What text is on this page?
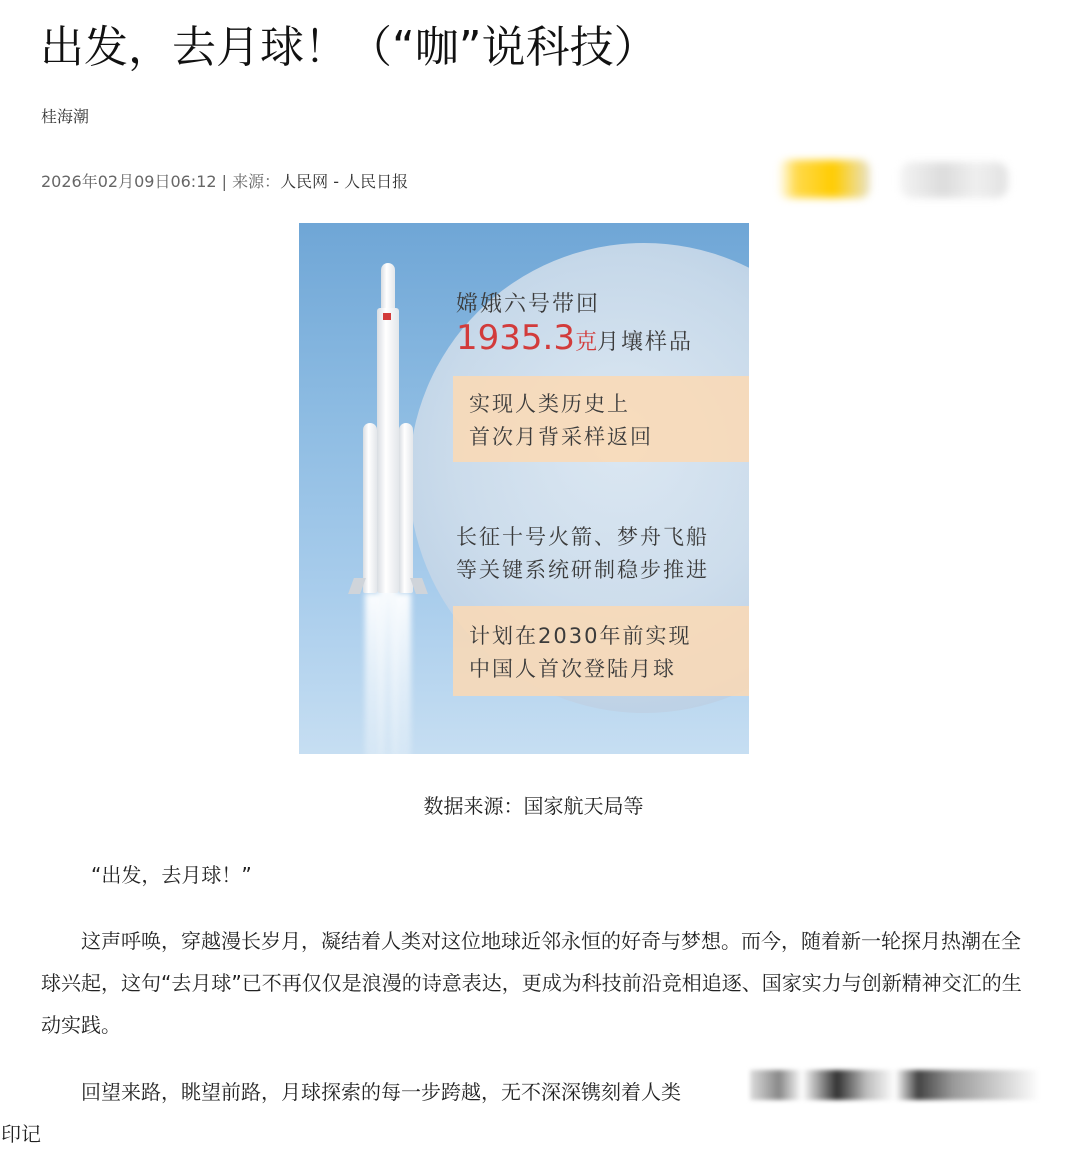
出发，去月球！（“咖”说科技）
桂海潮
2026年02月09日06:12 | 来源：人民网 - 人民日报
嫦娥六号带回
1935.3克月壤样品
实现人类历史上
首次月背采样返回
长征十号火箭、梦舟飞船
等关键系统研制稳步推进
计划在2030年前实现
中国人首次登陆月球
数据来源：国家航天局等

“出发，去月球！”

这声呼唤，穿越漫长岁月，凝结着人类对这位地球近邻永恒的好奇与梦想。而今，随着新一轮探月热潮在全球兴起，这句“去月球”已不再仅仅是浪漫的诗意表达，更成为科技前沿竞相追逐、国家实力与创新精神交汇的生动实践。

回望来路，眺望前路，月球探索的每一步跨越，无不深深镌刻着人类
印记
